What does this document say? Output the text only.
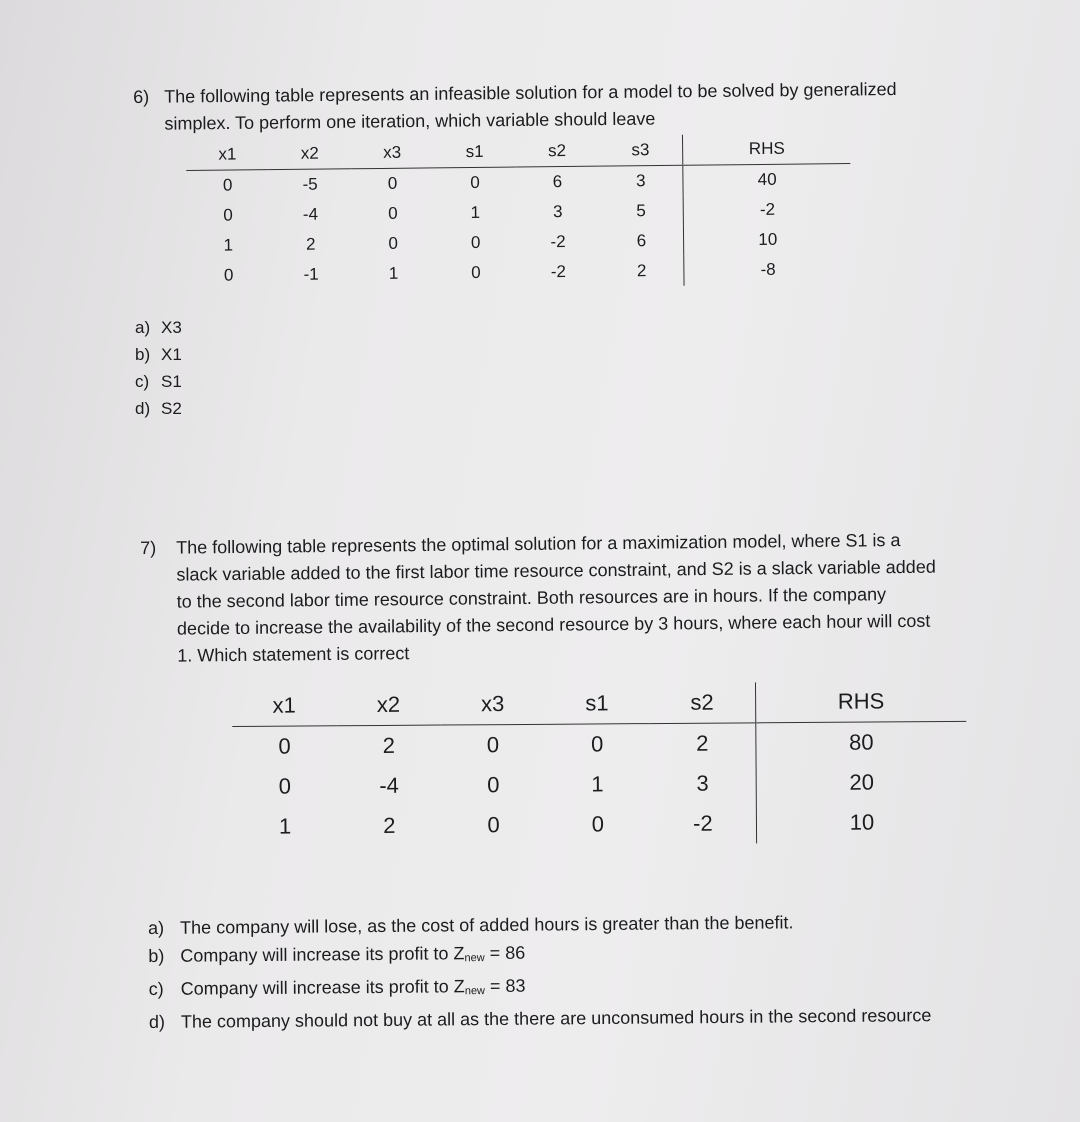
6) The following table represents an infeasible solution for a model to be solved by generalized
simplex. To perform one iteration, which variable should leave
x1	x2	x3	s1	s2	s3	RHS
0	-5	0	0	6	3	40
0	-4	0	1	3	5	-2
1	2	0	0	-2	6	10
0	-1	1	0	-2	2	-8
a) X3
b) X1
c) S1
d) S2
7) The following table represents the optimal solution for a maximization model, where S1 is a
slack variable added to the first labor time resource constraint, and S2 is a slack variable added
to the second labor time resource constraint. Both resources are in hours. If the company
decide to increase the availability of the second resource by 3 hours, where each hour will cost
1. Which statement is correct
x1	x2	x3	s1	s2	RHS
0	2	0	0	2	80
0	-4	0	1	3	20
1	2	0	0	-2	10
a) The company will lose, as the cost of added hours is greater than the benefit.
b) Company will increase its profit to $Z_{new} = 86$
c) Company will increase its profit to $Z_{new} = 83$
d) The company should not buy at all as the there are unconsumed hours in the second resource
